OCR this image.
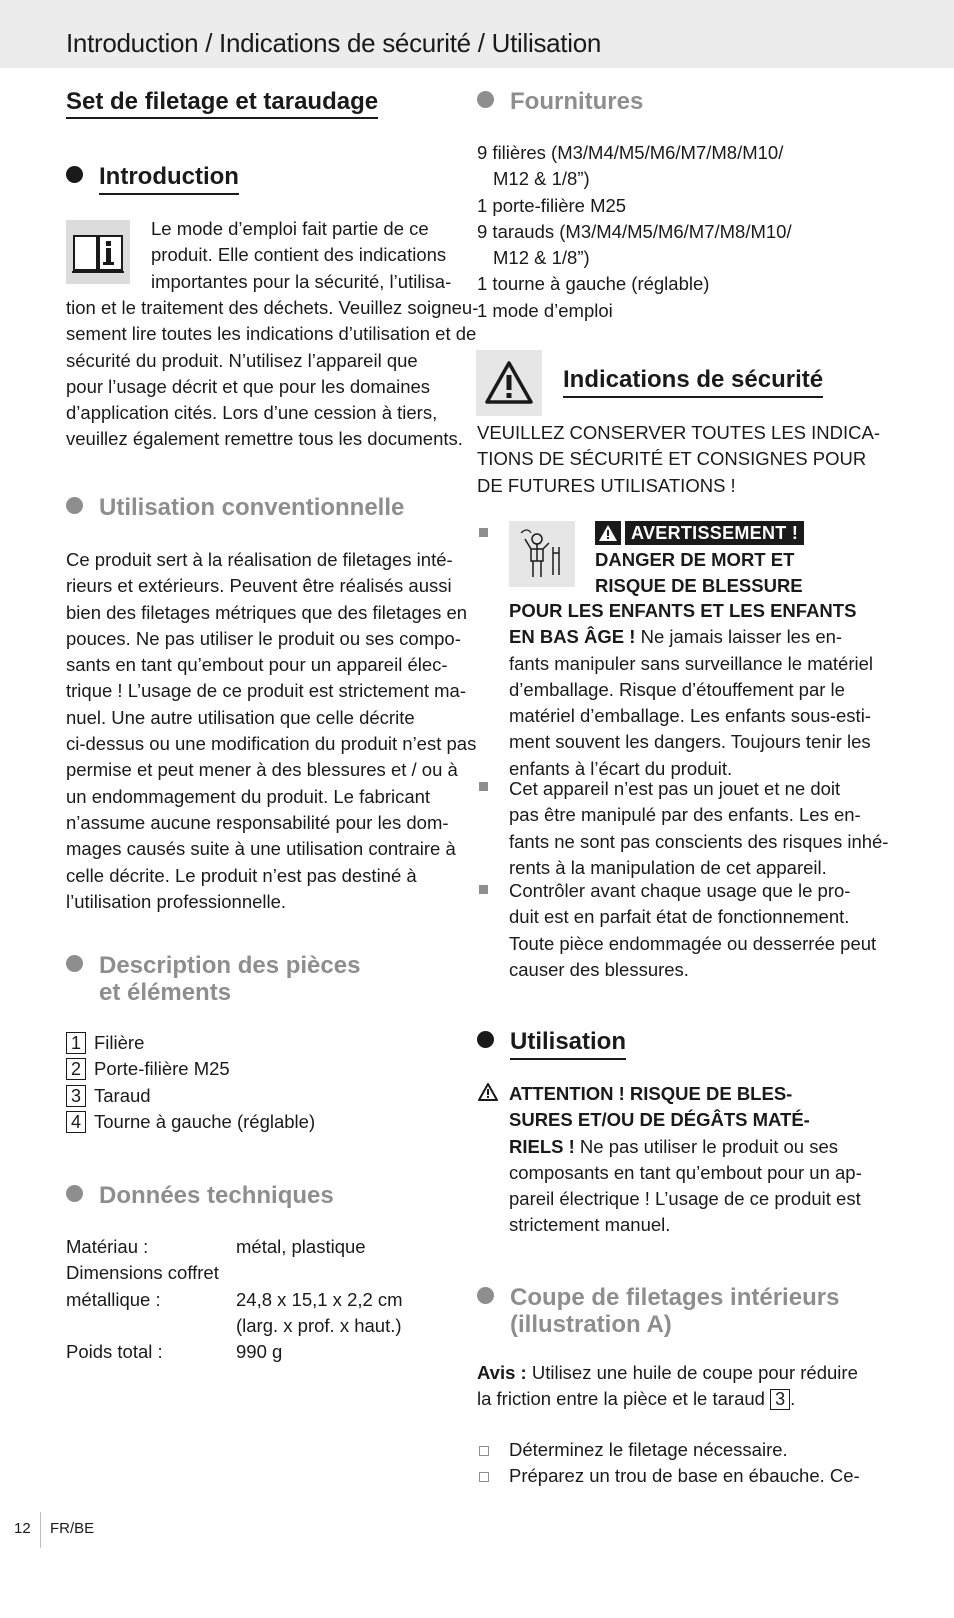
Introduction / Indications de sécurité / Utilisation
Set de filetage et taraudage
Introduction
Le mode d’emploi fait partie de ce
produit. Elle contient des indications
importantes pour la sécurité, l’utilisa-
tion et le traitement des déchets. Veuillez soigneu-
sement lire toutes les indications d’utilisation et de
sécurité du produit. N’utilisez l’appareil que
pour l’usage décrit et que pour les domaines
d’application cités. Lors d’une cession à tiers,
veuillez également remettre tous les documents.
Utilisation conventionnelle
Ce produit sert à la réalisation de filetages inté-
rieurs et extérieurs. Peuvent être réalisés aussi
bien des filetages métriques que des filetages en
pouces. Ne pas utiliser le produit ou ses compo-
sants en tant qu’embout pour un appareil élec-
trique ! L’usage de ce produit est strictement ma-
nuel. Une autre utilisation que celle décrite
ci-dessus ou une modification du produit n’est pas
permise et peut mener à des blessures et / ou à
un endommagement du produit. Le fabricant
n’assume aucune responsabilité pour les dom-
mages causés suite à une utilisation contraire à
celle décrite. Le produit n’est pas destiné à
l’utilisation professionnelle.
Description des pièces
et éléments
1 Filière
2 Porte-filière M25
3 Taraud
4 Tourne à gauche (réglable)
Données techniques
Matériau :	métal, plastique
Dimensions coffret
métallique :	24,8 x 15,1 x 2,2 cm
(larg. x prof. x haut.)
Poids total :	990 g
Fournitures
9 filières (M3/M4/M5/M6/M7/M8/M10/
M12 & 1/8”)
1 porte-filière M25
9 tarauds (M3/M4/M5/M6/M7/M8/M10/
M12 & 1/8”)
1 tourne à gauche (réglable)
1 mode d’emploi
Indications de sécurité
VEUILLEZ CONSERVER TOUTES LES INDICA-
TIONS DE SÉCURITÉ ET CONSIGNES POUR
DE FUTURES UTILISATIONS !
AVERTISSEMENT !
DANGER DE MORT ET
RISQUE DE BLESSURE
POUR LES ENFANTS ET LES ENFANTS
EN BAS ÂGE ! Ne jamais laisser les en-
fants manipuler sans surveillance le matériel
d’emballage. Risque d’étouffement par le
matériel d’emballage. Les enfants sous-esti-
ment souvent les dangers. Toujours tenir les
enfants à l’écart du produit.
Cet appareil n’est pas un jouet et ne doit
pas être manipulé par des enfants. Les en-
fants ne sont pas conscients des risques inhé-
rents à la manipulation de cet appareil.
Contrôler avant chaque usage que le pro-
duit est en parfait état de fonctionnement.
Toute pièce endommagée ou desserrée peut
causer des blessures.
Utilisation
ATTENTION ! RISQUE DE BLES-
SURES ET/OU DE DÉGÂTS MATÉ-
RIELS ! Ne pas utiliser le produit ou ses
composants en tant qu’embout pour un ap-
pareil électrique ! L’usage de ce produit est
strictement manuel.
Coupe de filetages intérieurs
(illustration A)
Avis : Utilisez une huile de coupe pour réduire
la friction entre la pièce et le taraud 3 .
Déterminez le filetage nécessaire.
Préparez un trou de base en ébauche. Ce-
12 FR/BE
